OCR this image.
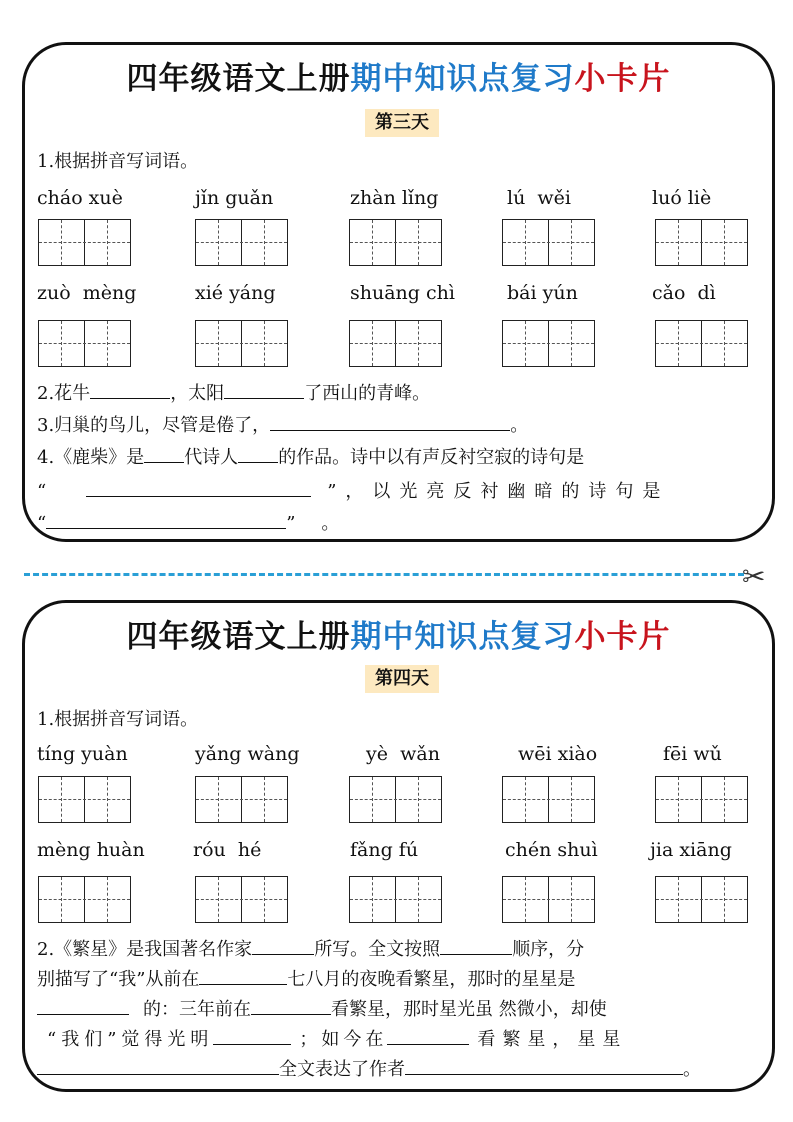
四年级语文上册期中知识点复习小卡片
第三天
1.根据拼音写词语。
cháo xuè	jǐn guǎn	zhàn lǐng	lú  wěi	luó liè
zuò  mèng	xié yáng	shuāng chì	bái yún	cǎo  dì
2.花牛	，太阳	了西山的青峰。
3.归巢的鸟儿，尽管是倦了，	。
4.《鹿柴》是 代诗人 的作品。诗中以有声反衬空寂的诗句是
“	”，以光亮反衬幽暗的诗句是
“	” 。
✂
四年级语文上册期中知识点复习小卡片
第四天
1.根据拼音写词语。
tíng yuàn	yǎng wàng	yè  wǎn	wēi xiào	fēi wǔ
mèng huàn	róu  hé	fǎng fú	chén shuì	jia xiāng
2.《繁星》是我国著名作家	所写。全文按照	顺序，分
别描写了“我”从前在	七八月的夜晚看繁星，那时的星星是
的：三年前在	看繁星，那时星光虽 然微小，却使
“我们”觉得光明	；如今在	看繁星，星星
全文表达了作者	。
